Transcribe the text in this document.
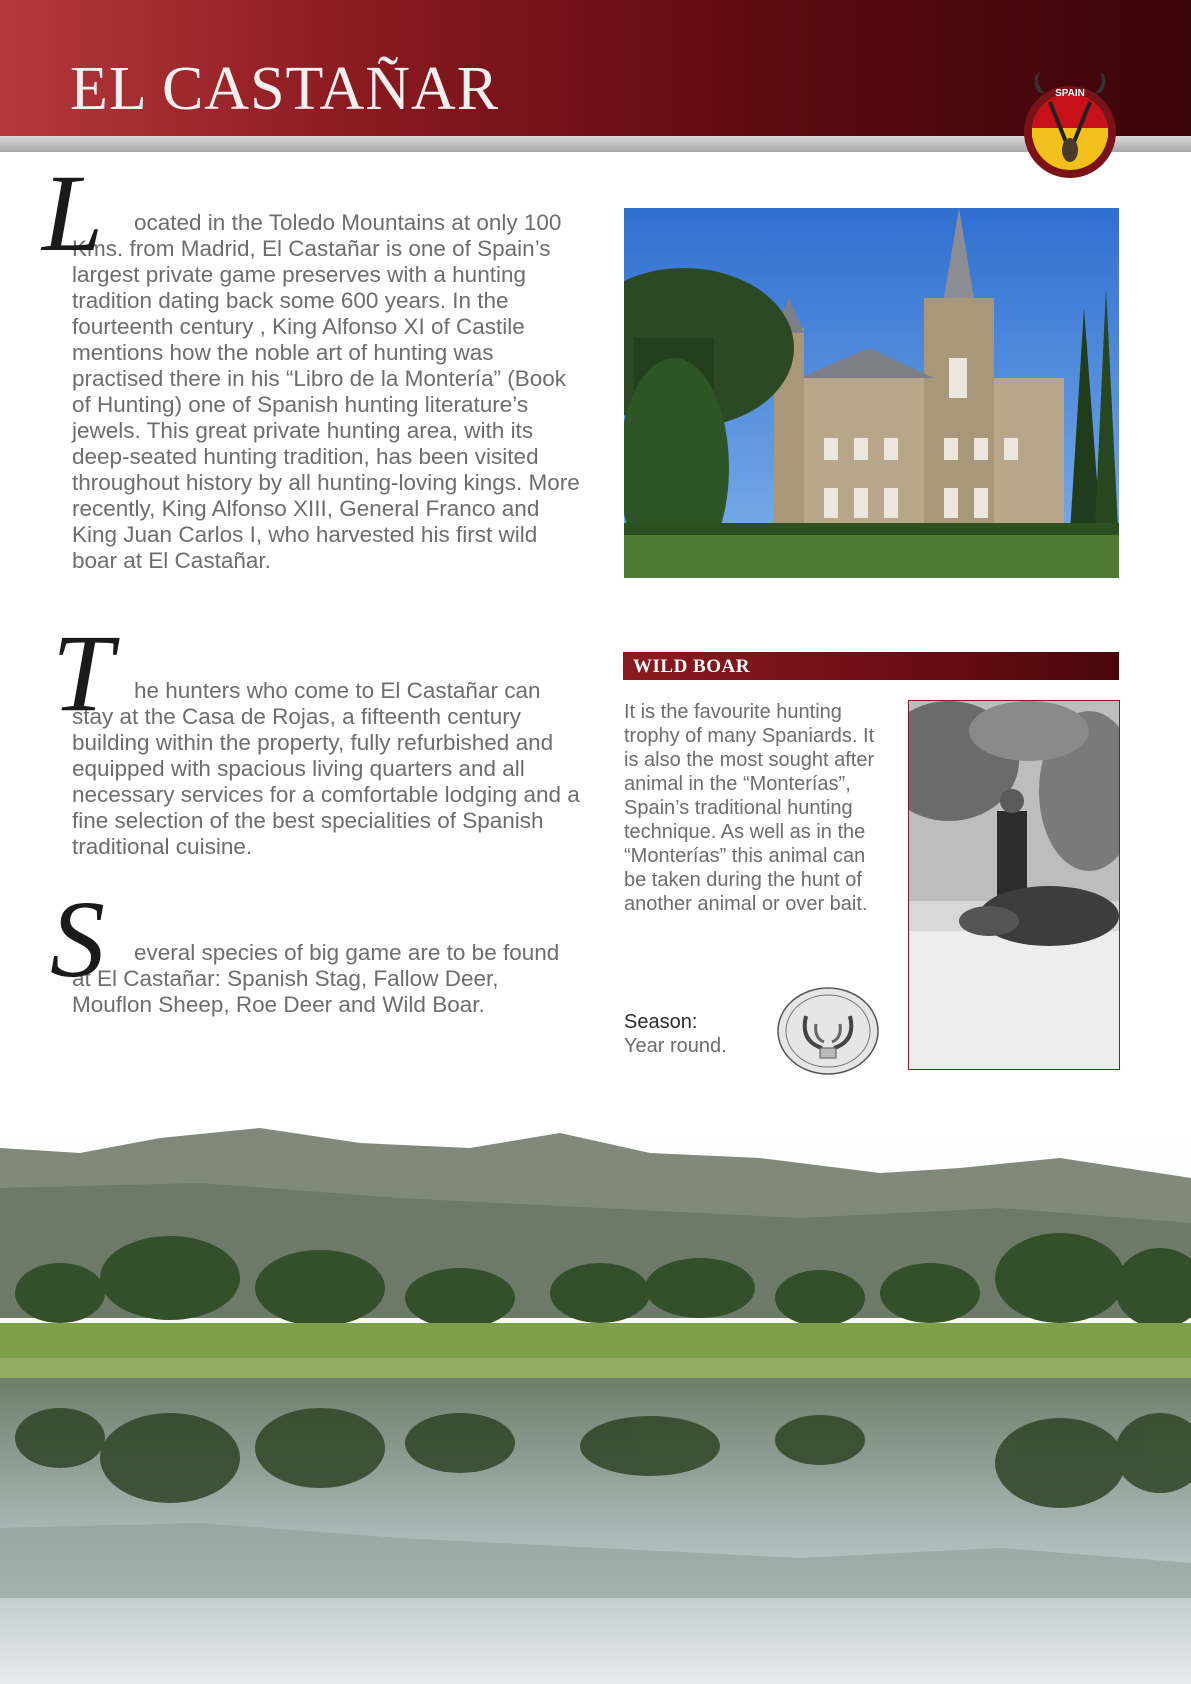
EL CASTAÑAR	SPAIN
L	ocated in the Toledo Mountains at only 100 Kms. from Madrid, El Castañar is one of Spain’s largest private game preserves with a hunting tradition dating back some 600 years. In the fourteenth century , King Alfonso XI of Castile mentions how the noble art of hunting was practised there in his “Libro de la Montería” (Book of Hunting) one of Spanish hunting literature’s jewels. This great private hunting area, with its deep-seated hunting tradition, has been visited throughout history by all hunting-loving kings. More recently, King Alfonso XIII, General Franco and King Juan Carlos I, who harvested his first wild boar at El Castañar.
T he hunters who come to El Castañar can stay at the Casa de Rojas, a fifteenth century building within the property, fully refurbished and equipped with spacious living quarters and all necessary services for a comfortable lodging and a fine selection of the best specialities of Spanish traditional cuisine.
S	everal species of big game are to be found at El Castañar: Spanish Stag, Fallow Deer, Mouflon Sheep, Roe Deer and Wild Boar.
WILD BOAR
It is the favourite hunting trophy of many Spaniards. It is also the most sought after animal in the “Monterías”, Spain’s traditional hunting technique. As well as in the “Monterías” this animal can be taken during the hunt of another animal or over bait.
Season:
Year round.
